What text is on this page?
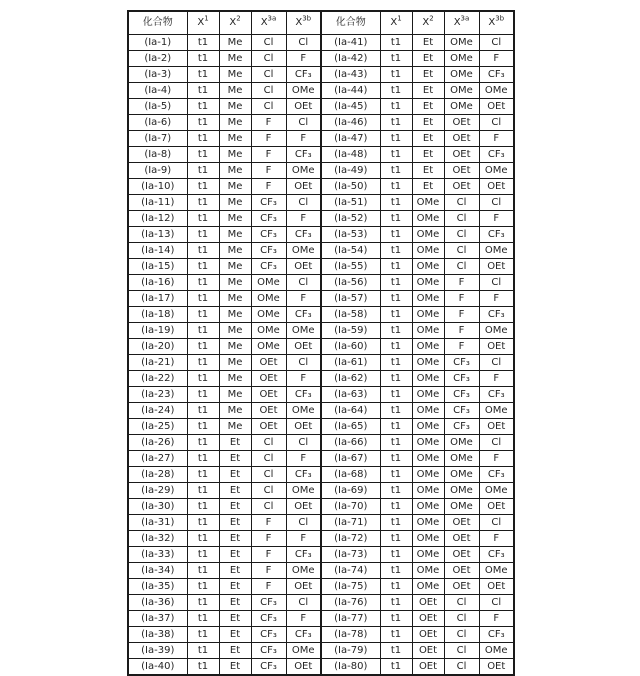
化合物	$X^1$	$X^2$	$X^{3a}$	$X^{3b}$	化合物	$X^1$	$X^2$	$X^{3a}$	$X^{3b}$
(Ia-1)	t1	Me	Cl	Cl	(Ia-41)	t1	Et	OMe	Cl
(Ia-2)	t1	Me	Cl	F	(Ia-42)	t1	Et	OMe	F
(Ia-3)	t1	Me	Cl	CF₃	(Ia-43)	t1	Et	OMe	CF₃
(Ia-4)	t1	Me	Cl	OMe	(Ia-44)	t1	Et	OMe	OMe
(Ia-5)	t1	Me	Cl	OEt	(Ia-45)	t1	Et	OMe	OEt
(Ia-6)	t1	Me	F	Cl	(Ia-46)	t1	Et	OEt	Cl
(Ia-7)	t1	Me	F	F	(Ia-47)	t1	Et	OEt	F
(Ia-8)	t1	Me	F	CF₃	(Ia-48)	t1	Et	OEt	CF₃
(Ia-9)	t1	Me	F	OMe	(Ia-49)	t1	Et	OEt	OMe
(Ia-10)	t1	Me	F	OEt	(Ia-50)	t1	Et	OEt	OEt
(Ia-11)	t1	Me	CF₃	Cl	(Ia-51)	t1	OMe	Cl	Cl
(Ia-12)	t1	Me	CF₃	F	(Ia-52)	t1	OMe	Cl	F
(Ia-13)	t1	Me	CF₃	CF₃	(Ia-53)	t1	OMe	Cl	CF₃
(Ia-14)	t1	Me	CF₃	OMe	(Ia-54)	t1	OMe	Cl	OMe
(Ia-15)	t1	Me	CF₃	OEt	(Ia-55)	t1	OMe	Cl	OEt
(Ia-16)	t1	Me	OMe	Cl	(Ia-56)	t1	OMe	F	Cl
(Ia-17)	t1	Me	OMe	F	(Ia-57)	t1	OMe	F	F
(Ia-18)	t1	Me	OMe	CF₃	(Ia-58)	t1	OMe	F	CF₃
(Ia-19)	t1	Me	OMe	OMe	(Ia-59)	t1	OMe	F	OMe
(Ia-20)	t1	Me	OMe	OEt	(Ia-60)	t1	OMe	F	OEt
(Ia-21)	t1	Me	OEt	Cl	(Ia-61)	t1	OMe	CF₃	Cl
(Ia-22)	t1	Me	OEt	F	(Ia-62)	t1	OMe	CF₃	F
(Ia-23)	t1	Me	OEt	CF₃	(Ia-63)	t1	OMe	CF₃	CF₃
(Ia-24)	t1	Me	OEt	OMe	(Ia-64)	t1	OMe	CF₃	OMe
(Ia-25)	t1	Me	OEt	OEt	(Ia-65)	t1	OMe	CF₃	OEt
(Ia-26)	t1	Et	Cl	Cl	(Ia-66)	t1	OMe	OMe	Cl
(Ia-27)	t1	Et	Cl	F	(Ia-67)	t1	OMe	OMe	F
(Ia-28)	t1	Et	Cl	CF₃	(Ia-68)	t1	OMe	OMe	CF₃
(Ia-29)	t1	Et	Cl	OMe	(Ia-69)	t1	OMe	OMe	OMe
(Ia-30)	t1	Et	Cl	OEt	(Ia-70)	t1	OMe	OMe	OEt
(Ia-31)	t1	Et	F	Cl	(Ia-71)	t1	OMe	OEt	Cl
(Ia-32)	t1	Et	F	F	(Ia-72)	t1	OMe	OEt	F
(Ia-33)	t1	Et	F	CF₃	(Ia-73)	t1	OMe	OEt	CF₃
(Ia-34)	t1	Et	F	OMe	(Ia-74)	t1	OMe	OEt	OMe
(Ia-35)	t1	Et	F	OEt	(Ia-75)	t1	OMe	OEt	OEt
(Ia-36)	t1	Et	CF₃	Cl	(Ia-76)	t1	OEt	Cl	Cl
(Ia-37)	t1	Et	CF₃	F	(Ia-77)	t1	OEt	Cl	F
(Ia-38)	t1	Et	CF₃	CF₃	(Ia-78)	t1	OEt	Cl	CF₃
(Ia-39)	t1	Et	CF₃	OMe	(Ia-79)	t1	OEt	Cl	OMe
(Ia-40)	t1	Et	CF₃	OEt	(Ia-80)	t1	OEt	Cl	OEt
